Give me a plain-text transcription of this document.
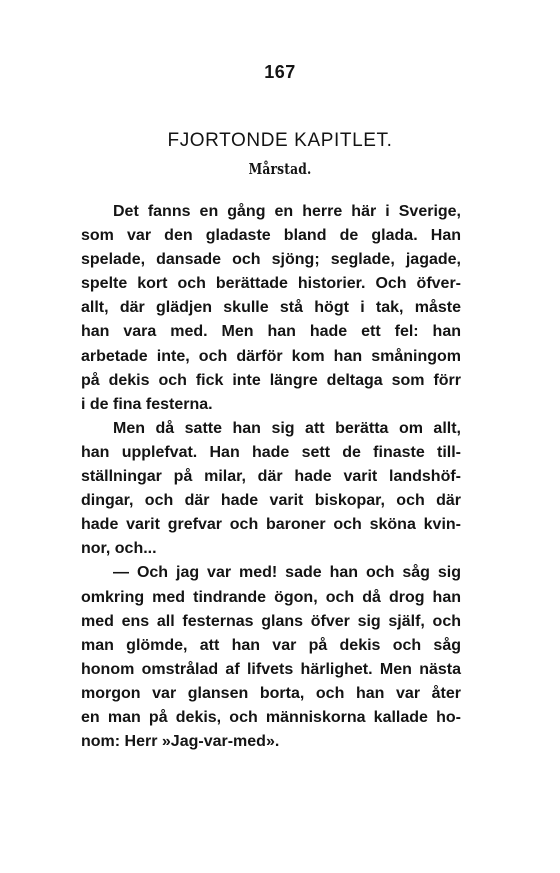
167
FJORTONDE KAPITLET.
Mårstad.
Det fanns en gång en herre här i Sverige,
som var den gladaste bland de glada. Han
spelade, dansade och sjöng; seglade, jagade,
spelte kort och berättade historier. Och öfver-
allt, där glädjen skulle stå högt i tak, måste
han vara med. Men han hade ett fel: han
arbetade inte, och därför kom han småningom
på dekis och fick inte längre deltaga som förr
i de fina festerna.
Men då satte han sig att berätta om allt,
han upplefvat. Han hade sett de finaste till-
ställningar på milar, där hade varit landshöf-
dingar, och där hade varit biskopar, och där
hade varit grefvar och baroner och sköna kvin-
nor, och...
— Och jag var med! sade han och såg sig
omkring med tindrande ögon, och då drog han
med ens all festernas glans öfver sig själf, och
man glömde, att han var på dekis och såg
honom omstrålad af lifvets härlighet. Men nästa
morgon var glansen borta, och han var åter
en man på dekis, och människorna kallade ho-
nom: Herr »Jag-var-med».
